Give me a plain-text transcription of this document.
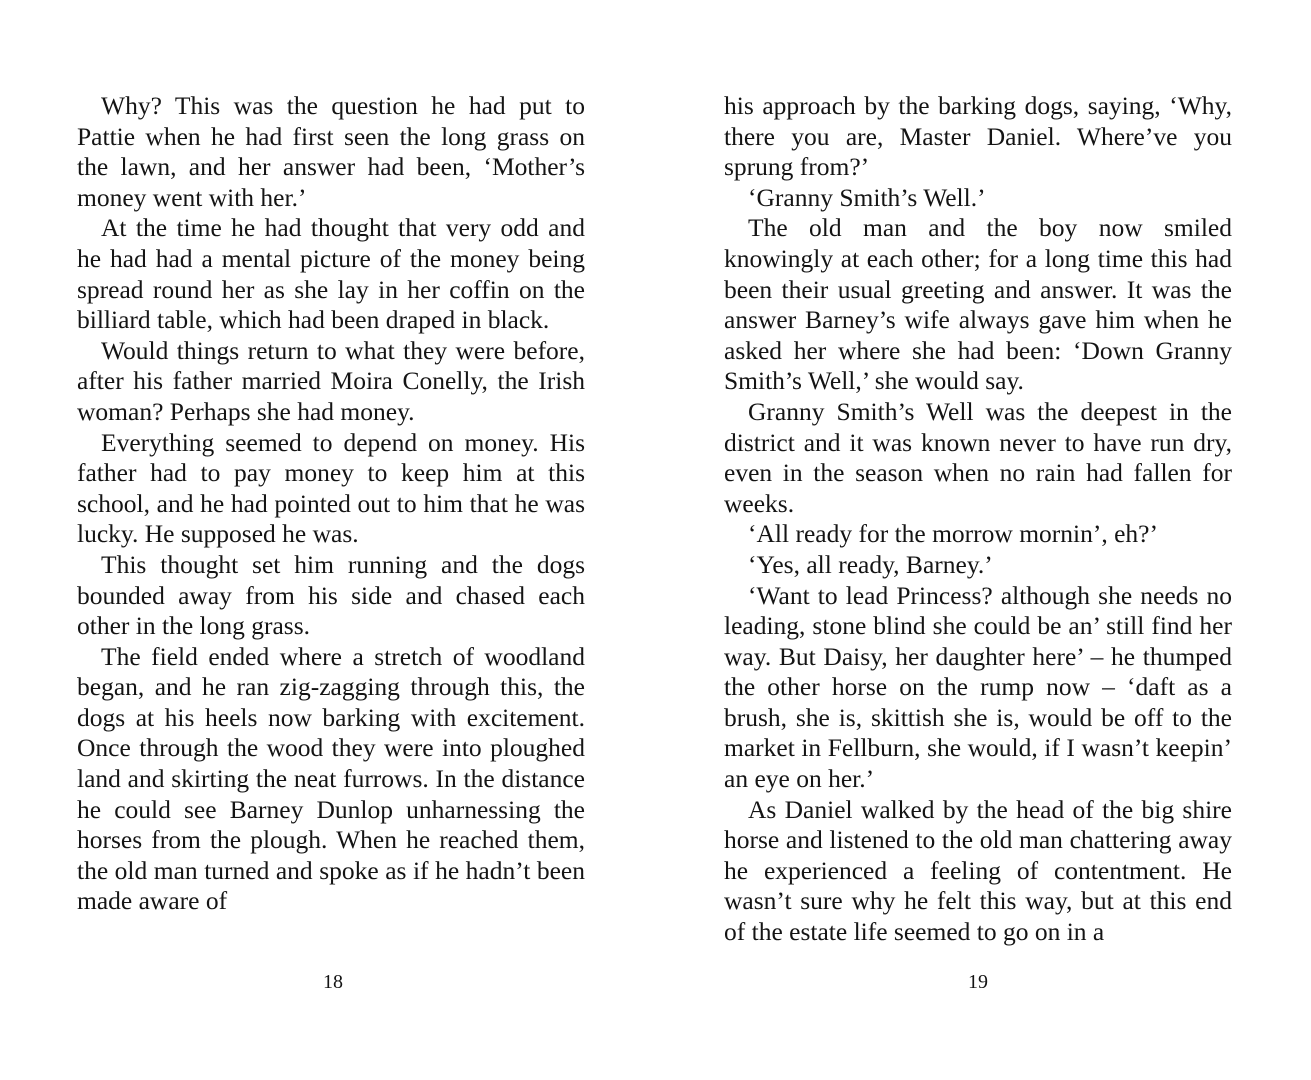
Why? This was the question he had put to Pattie when he had first seen the long grass on the lawn, and her answer had been, ‘Mother’s money went with her.’

At the time he had thought that very odd and he had had a mental picture of the money being spread round her as she lay in her coffin on the billiard table, which had been draped in black.

Would things return to what they were before, after his father married Moira Conelly, the Irish woman? Perhaps she had money.

Everything seemed to depend on money. His father had to pay money to keep him at this school, and he had pointed out to him that he was lucky. He supposed he was.

This thought set him running and the dogs bounded away from his side and chased each other in the long grass.

The field ended where a stretch of woodland began, and he ran zig-zagging through this, the dogs at his heels now barking with excitement. Once through the wood they were into ploughed land and skirting the neat furrows. In the distance he could see Barney Dunlop unharnessing the horses from the plough. When he reached them, the old man turned and spoke as if he hadn’t been made aware of

his approach by the barking dogs, saying, ‘Why, there you are, Master Daniel. Where’ve you sprung from?’

‘Granny Smith’s Well.’

The old man and the boy now smiled knowingly at each other; for a long time this had been their usual greeting and answer. It was the answer Barney’s wife always gave him when he asked her where she had been: ‘Down Granny Smith’s Well,’ she would say.

Granny Smith’s Well was the deepest in the district and it was known never to have run dry, even in the season when no rain had fallen for weeks.

‘All ready for the morrow mornin’, eh?’

‘Yes, all ready, Barney.’

‘Want to lead Princess? although she needs no leading, stone blind she could be an’ still find her way. But Daisy, her daughter here’ – he thumped the other horse on the rump now – ‘daft as a brush, she is, skittish she is, would be off to the market in Fellburn, she would, if I wasn’t keepin’ an eye on her.’

As Daniel walked by the head of the big shire horse and listened to the old man chattering away he experienced a feeling of contentment. He wasn’t sure why he felt this way, but at this end of the estate life seemed to go on in a

18	19
